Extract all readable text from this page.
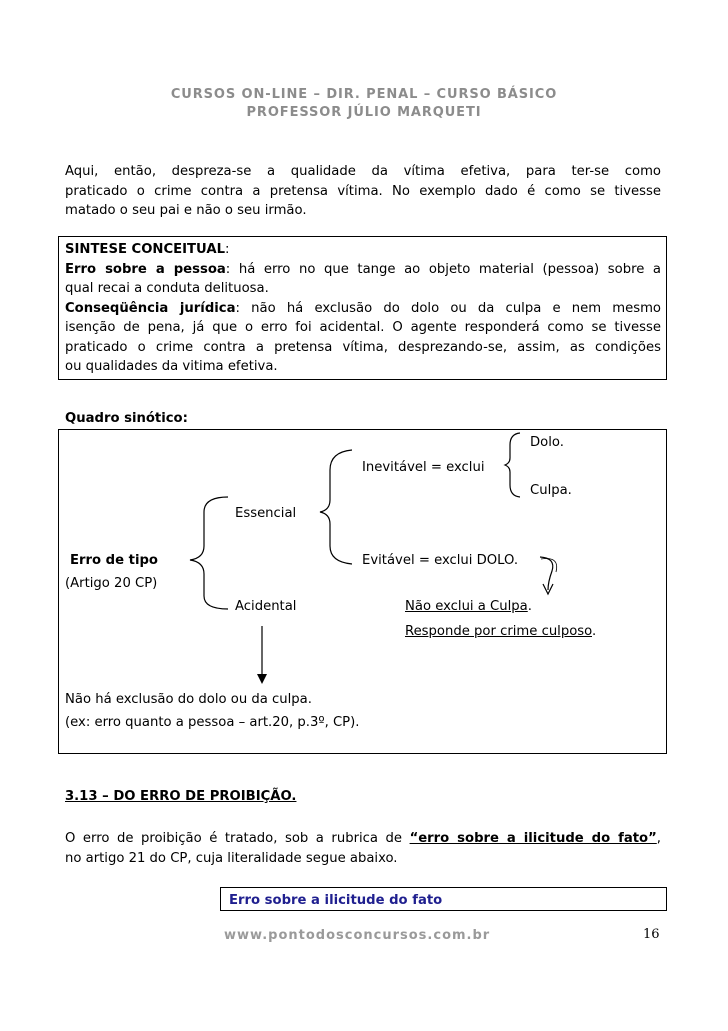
CURSOS ON-LINE – DIR. PENAL – CURSO BÁSICO
PROFESSOR JÚLIO MARQUETI
Aqui, então, despreza-se a qualidade da vítima efetiva, para ter-se como
praticado o crime contra a pretensa vítima. No exemplo dado é como se tivesse
matado o seu pai e não o seu irmão.
SINTESE CONCEITUAL:
Erro sobre a pessoa: há erro no que tange ao objeto material (pessoa) sobre a
qual recai a conduta delituosa.
Conseqüência jurídica: não há exclusão do dolo ou da culpa e nem mesmo
isenção de pena, já que o erro foi acidental. O agente responderá como se tivesse
praticado o crime contra a pretensa vítima, desprezando-se, assim, as condições
ou qualidades da vitima efetiva.
Quadro sinótico:
Dolo.
Inevitável = exclui
Culpa.
Essencial
Erro de tipo	Evitável = exclui DOLO.
(Artigo 20 CP)
Acidental	Não exclui a Culpa.
Responde por crime culposo.
Não há exclusão do dolo ou da culpa.
(ex: erro quanto a pessoa – art.20, p.3º, CP).
3.13 – DO ERRO DE PROIBIÇÃO.
O erro de proibição é tratado, sob a rubrica de “erro sobre a ilicitude do fato”,
no artigo 21 do CP, cuja literalidade segue abaixo.
Erro sobre a ilicitude do fato
www.pontodosconcursos.com.br	16
